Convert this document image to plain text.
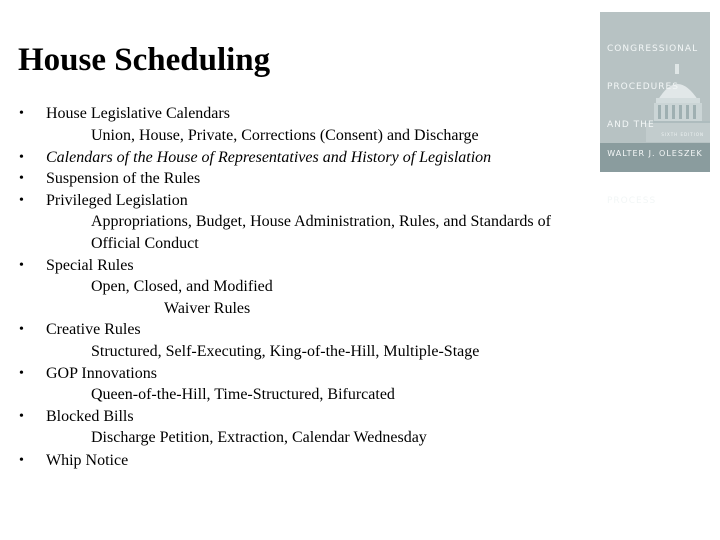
House Scheduling
• House Legislative Calendars
Union, House, Private, Corrections (Consent) and Discharge
• Calendars of the House of Representatives and History of Legislation
• Suspension of the Rules
• Privileged Legislation
Appropriations, Budget, House Administration, Rules, and Standards of
Official Conduct
• Special Rules
Open, Closed, and Modified
Waiver Rules
• Creative Rules
Structured, Self-Executing, King-of-the-Hill, Multiple-Stage
• GOP Innovations
Queen-of-the-Hill, Time-Structured, Bifurcated
• Blocked Bills
Discharge Petition, Extraction, Calendar Wednesday
• Whip Notice

CONGRESSIONAL

PROCEDURES

AND THE

PROCESS

SIXTH EDITION
WALTER J. OLESZEK
